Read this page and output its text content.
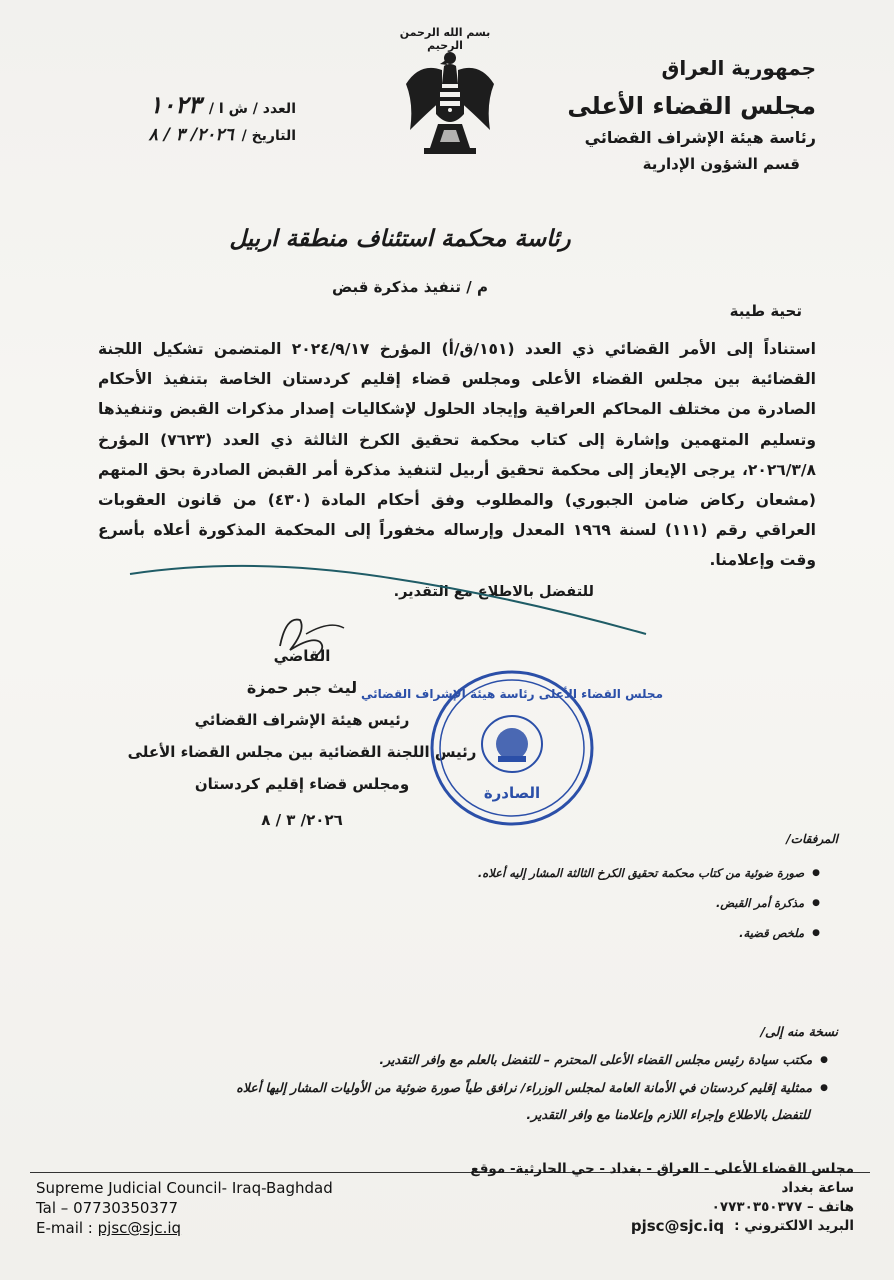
بسم الله الرحمن الرحيم
جمهورية العراق
مجلس القضاء الأعلى
رئاسة هيئة الإشراف القضائي
قسم الشؤون الإدارية
العدد / ش ا /
١٠٢٣
التاريخ /
٢٠٢٦/ ٣ / ٨
رئاسة محكمة استئناف منطقة اربيل
م / تنفيذ مذكرة قبض
تحية طيبة
استناداً إلى الأمر القضائي ذي العدد (١٥١/ق/أ) المؤرخ ٢٠٢٤/٩/١٧ المتضمن تشكيل اللجنة القضائية بين مجلس القضاء الأعلى ومجلس قضاء إقليم كردستان الخاصة بتنفيذ الأحكام الصادرة من مختلف المحاكم العراقية وإيجاد الحلول لإشكاليات إصدار مذكرات القبض وتنفيذها وتسليم المتهمين وإشارة إلى كتاب محكمة تحقيق الكرخ الثالثة ذي العدد (٧٦٢٣) المؤرخ ٢٠٢٦/٣/٨، يرجى الإيعاز إلى محكمة تحقيق أربيل لتنفيذ مذكرة أمر القبض الصادرة بحق المتهم (مشعان ركاض ضامن الجبوري) والمطلوب وفق أحكام المادة (٤٣٠) من قانون العقوبات العراقي رقم (١١١) لسنة ١٩٦٩ المعدل وإرساله مخفوراً إلى المحكمة المذكورة أعلاه بأسرع وقت وإعلامنا.
للتفضل بالاطلاع مع التقدير.
القاضي
ليث جبر حمزة
رئيس هيئة الإشراف القضائي
رئيس اللجنة القضائية بين مجلس القضاء الأعلى
ومجلس قضاء إقليم كردستان
٢٠٢٦/ ٣ / ٨
مجلس القضاء الأعلى رئاسة هيئة الإشراف القضائي
الصادرة
المرفقات/
●
صورة ضوئية من كتاب محكمة تحقيق الكرخ الثالثة المشار إليه أعلاه.
●
مذكرة أمر القبض.
●
ملخص قضية.
نسخة منه إلى/
●
مكتب سيادة رئيس مجلس القضاء الأعلى المحترم – للتفضل بالعلم مع وافر التقدير.
●
ممثلية إقليم كردستان في الأمانة العامة لمجلس الوزراء/ نرافق طياً صورة ضوئية من الأوليات المشار إليها أعلاه
للتفضل بالاطلاع وإجراء اللازم وإعلامنا مع وافر التقدير.
Supreme Judicial Council- Iraq-Baghdad
Tal – 07730350377
E-mail : pjsc@sjc.iq
مجلس القضاء الأعلى - العراق - بغداد - حي الحارثية- موقع ساعة بغداد
هاتف – ٠٧٧٣٠٣٥٠٣٧٧
البريد الالكتروني :
pjsc@sjc.iq
